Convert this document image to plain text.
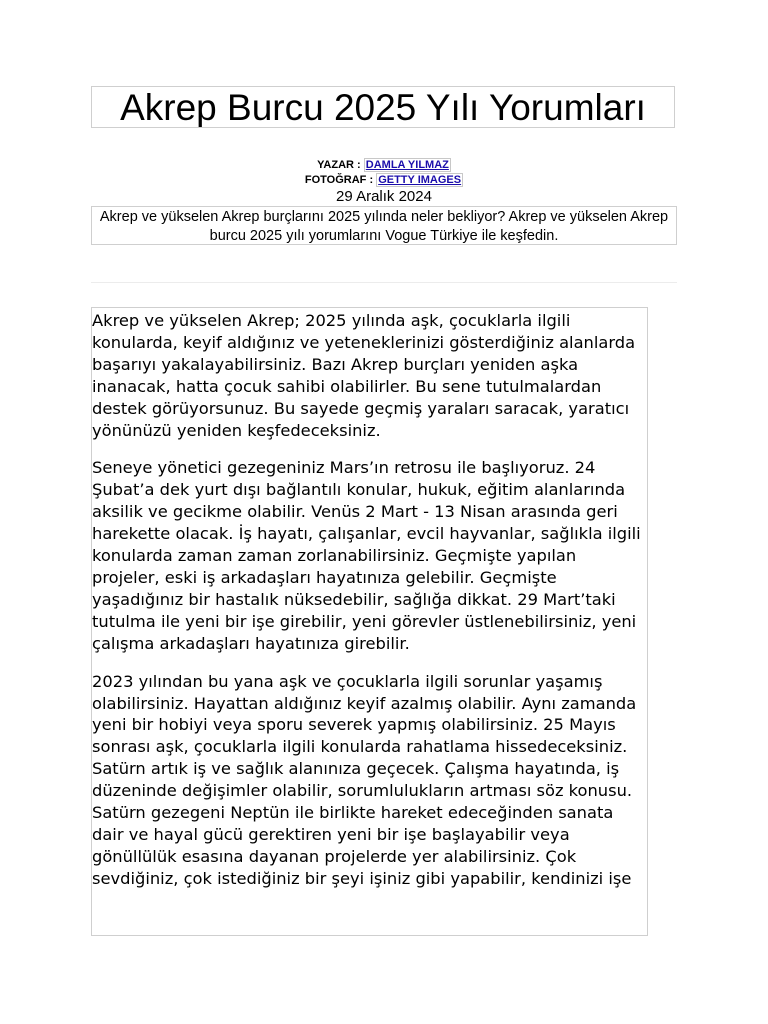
Akrep Burcu 2025 Yılı Yorumları
YAZAR : DAMLA YILMAZ
FOTOĞRAF : GETTY IMAGES
29 Aralık 2024
Akrep ve yükselen Akrep burçlarını 2025 yılında neler bekliyor? Akrep ve yükselen Akrep burcu 2025 yılı yorumlarını Vogue Türkiye ile keşfedin.

Akrep ve yükselen Akrep; 2025 yılında aşk, çocuklarla ilgili konularda, keyif aldığınız ve yeteneklerinizi gösterdiğiniz alanlarda başarıyı yakalayabilirsiniz. Bazı Akrep burçları yeniden aşka inanacak, hatta çocuk sahibi olabilirler. Bu sene tutulmalardan destek görüyorsunuz. Bu sayede geçmiş yaraları saracak, yaratıcı yönünüzü yeniden keşfedeceksiniz.

Seneye yönetici gezegeniniz Mars’ın retrosu ile başlıyoruz. 24 Şubat’a dek yurt dışı bağlantılı konular, hukuk, eğitim alanlarında aksilik ve gecikme olabilir. Venüs 2 Mart - 13 Nisan arasında geri harekette olacak. İş hayatı, çalışanlar, evcil hayvanlar, sağlıkla ilgili konularda zaman zaman zorlanabilirsiniz. Geçmişte yapılan projeler, eski iş arkadaşları hayatınıza gelebilir. Geçmişte yaşadığınız bir hastalık nüksedebilir, sağlığa dikkat. 29 Mart’taki tutulma ile yeni bir işe girebilir, yeni görevler üstlenebilirsiniz, yeni çalışma arkadaşları hayatınıza girebilir.

2023 yılından bu yana aşk ve çocuklarla ilgili sorunlar yaşamış olabilirsiniz. Hayattan aldığınız keyif azalmış olabilir. Aynı zamanda yeni bir hobiyi veya sporu severek yapmış olabilirsiniz. 25 Mayıs sonrası aşk, çocuklarla ilgili konularda rahatlama hissedeceksiniz. Satürn artık iş ve sağlık alanınıza geçecek. Çalışma hayatında, iş düzeninde değişimler olabilir, sorumlulukların artması söz konusu. Satürn gezegeni Neptün ile birlikte hareket edeceğinden sanata dair ve hayal gücü gerektiren yeni bir işe başlayabilir veya gönüllülük esasına dayanan projelerde yer alabilirsiniz. Çok sevdiğiniz, çok istediğiniz bir şeyi işiniz gibi yapabilir, kendinizi işe
